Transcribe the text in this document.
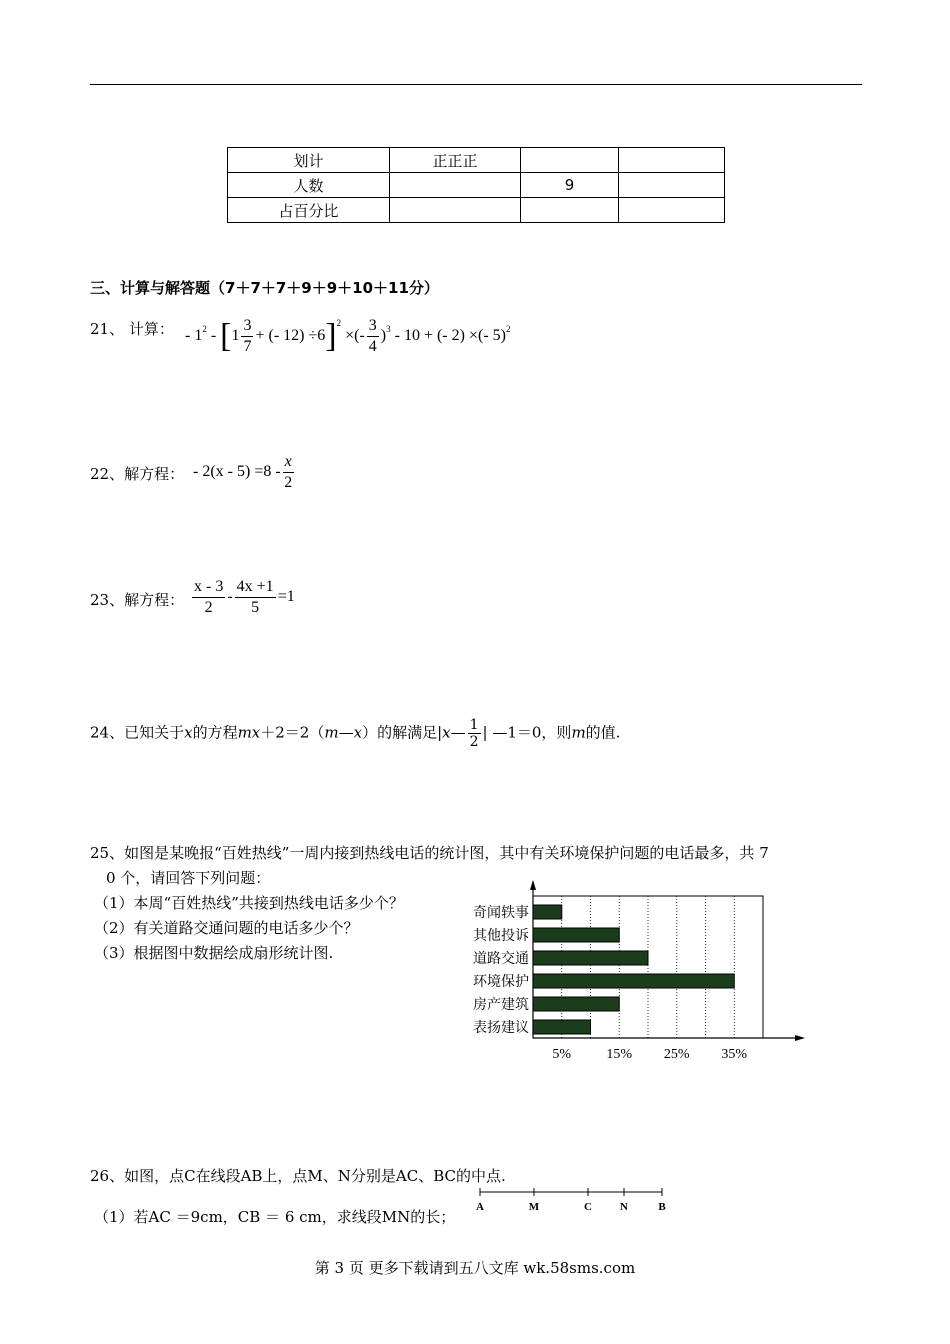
划计	正正正		
人数		9	
占百分比			
三、计算与解答题（7＋7＋7＋9＋9＋10＋11分）
21、 计算： - $1^2 - [1 \frac{3}{7}$ + (- 12) ÷6]$^2$ ×(- $\frac{3}{4} )^3 - 10$ + (- 2) ×(- 5)$^2$
22、解方程： - $2(x - 5) =8 - \frac{x}{2}$
23、解方程： $\frac{x - 3}{2} - \frac{4x +1}{5} =1$
24、已知关于x的方程mx＋2＝2（m—x）的解满足|x— $\frac{1}{2}$ | —1＝0，则m的值.
25、如图是某晚报“百姓热线”一周内接到热线电话的统计图，其中有关环境保护问题的电话最多，共 7
0 个，请回答下列问题：
（1）本周“百姓热线”共接到热线电话多少个？
（2）有关道路交通问题的电话多少个？
（3）根据图中数据绘成扇形统计图.
奇闻轶事
其他投诉
道路交通
环境保护
房产建筑
表扬建议
5%	15% 25% 35%
26、如图，点C在线段AB上，点M、N分别是AC、BC的中点.
（1）若AC ＝9cm，CB ＝ 6 cm，求线段MN的长；
A	M	C	N	B
第 3 页 更多下载请到五八文库 wk.58sms.com
